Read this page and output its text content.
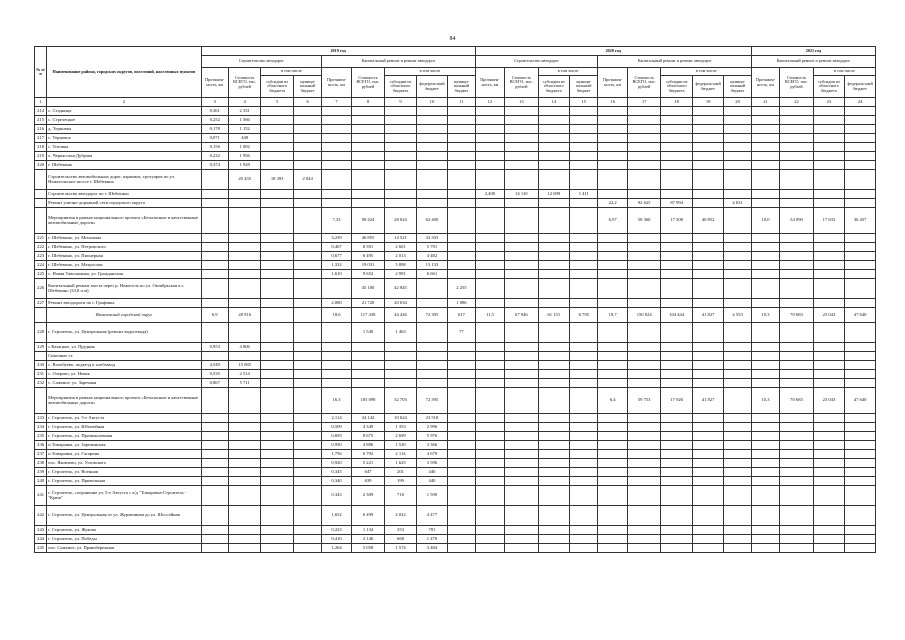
84
№ п/п	Наименование района, городских округов, поселений, населенных пунктов	2019 год									2020 год									2021 год			
		Строительство автодорог				Капитальный ремонт и ремонт автодорог					Строительство автодорог				Капитальный ремонт и ремонт автодорог					Капитальный ремонт и ремонт автодорог			
		Протяжен-ность, км	Стоимость ВСЕГО, тыс. рублей	в том числе		Протяжен-ность, км	Стоимость ВСЕГО, тыс. рублей	в том числе			Протяжен-ность, км	Стоимость ВСЕГО, тыс. рублей	в том числе		Протяжен-ность, км	Стоимость ВСЕГО, тыс. рублей	в том числе			Протяжен-ность, км	Стоимость ВСЕГО, тыс. рублей	в том числе	
				субсидии из областного бюджета	муници-пальный бюджет			субсидии из областного бюджета	федераль-ный бюджет	муници-пальный бюджет			субсидии из областного бюджета	муници-пальный бюджет			субсидии из областного бюджета	федераль-ный бюджет	муници-пальный бюджет			субсидии из областного бюджета	федераль-ный бюджет
1	2	3	4	5	6	7	8	9	10	11	12	13	14	15	16	17	18	19	20	21	22	23	24
214	с. Стадница	0,361	2 331																				
215	с. Стрелецкое	0,252	1 566																				
216	д. Терновка	0,178	1 152																				
217	с. Терновое	0,071	449																				
218	с. Титовка	0,156	1 002																				
219	х. Черкасская Дуброва	0,232	1 956																				
220	г. Шебекино	0,374	1 928																				
	Строительство автомобильных дорог, парковок, тротуаров по ул. Нежегольское шоссе г. Шебекино		20 435	18 393	2 044																		
	Строительство автодорог по г. Шебекино										2,400	14 110	12 699	1 411									
	Ремонт улично-дорожной сети городского округа														22,2	92 625	87 994		4 631				
	Мероприятия в рамках национального проекта «Безопасные и качественные автомобильные дороги»					7,33	90 424	28 024	62 400						6,97	58 360	17 508	40 852		10,0	54 090	17 633	36 457
221	г. Шебекино, ул. Мочалина					3,239	46 855	14 521	32 333														
222	г. Шебекино, ул. Петровского					0,467	8 391	2 601	5 791														
223	г. Шебекино, ул. Пионерная					0,677	6 495	2 013	4 482														
224	г. Шебекино, ул. Матросова					1,332	19 031	5 898	13 133														
225	с. Новая Таволжанка, ул. Гражданская					1,610	9 652	2 991	6 661														
226	Капитальный ремонт моста через р. Нежеголь по ул. Октябрьская в г. Шебекино (33,8 п.м)						45 100	42 845		2 255													
227	Ремонт автодороги по г. Графовка					2,080	21 720	20 634		1 086													
	Яковлевский городской округ	6,9	28 916			18,6	117 438	44 426	72 395	617	11,5	67 946	61 151	6 795	18,7	150 824	104 444	41 827	4 553	10,3	70 683	23 043	47 640
228	г. Строитель, ул. Центральная (ремонт водоотвода)						1 540	1 463		77													
229	с.Казацкое, ул. Прудная	0,953	4 806																				
	Сквозные ст.																						
230	с. Волобуево, подъезд к хлебзавод	4,549	15 085																				
231	с. Озерово, ул. Новая	0,535	2 514																				
232	с. Саженое, ул. Заречная	0,867	5 711																				
	Мероприятия в рамках национального проекта «Безопасные и качественные автомобильные дороги»					16,3	105 098	32 703	72 395						6,4	59 753	17 926	41 827		10,3	70 683	23 043	47 640
233	г. Строитель, ул. 5-е Августа					2,114	34 142	10 624	23 518														
234	г. Строитель, ул. Юбилейная					0,509	4 349	1 353	2 996														
235	г. Строитель, ул. Промышленная					0,693	8 675	2 699	5 976														
236	п.Томаровка, ул. Заречинская					0,950	4 886	1 520	3 366														
237	п.Томаровка, ул. Гагарина					1,756	6 792	2 114	4 679														
238	пос. Яковлево, ул. Угловского					0,920	5 221	1 625	3 596														
239	г. Строитель, ул. Военная					0,345	647	201	446														
240	г. Строитель, ул. Привольная					0,340	639	199	440														
241	г. Строитель, соединение ул. 5-е Августа с а/д "Томаровка-Строитель - "Крюк"					0,343	2 309	718	1 590														
242	г. Строитель, ул. Центральная от ул. Журавлиная до ул. Шоссейная					1,652	6 499	2 022	4 477														
243	г. Строитель, ул. Жукова					0,223	1 134	353	781														
244	г. Строитель, ул. Победы					0,410	2 146	668	1 478														
245	пос. Саженое, ул. Правобережная					1,264	5 058	1 574	3 484														
